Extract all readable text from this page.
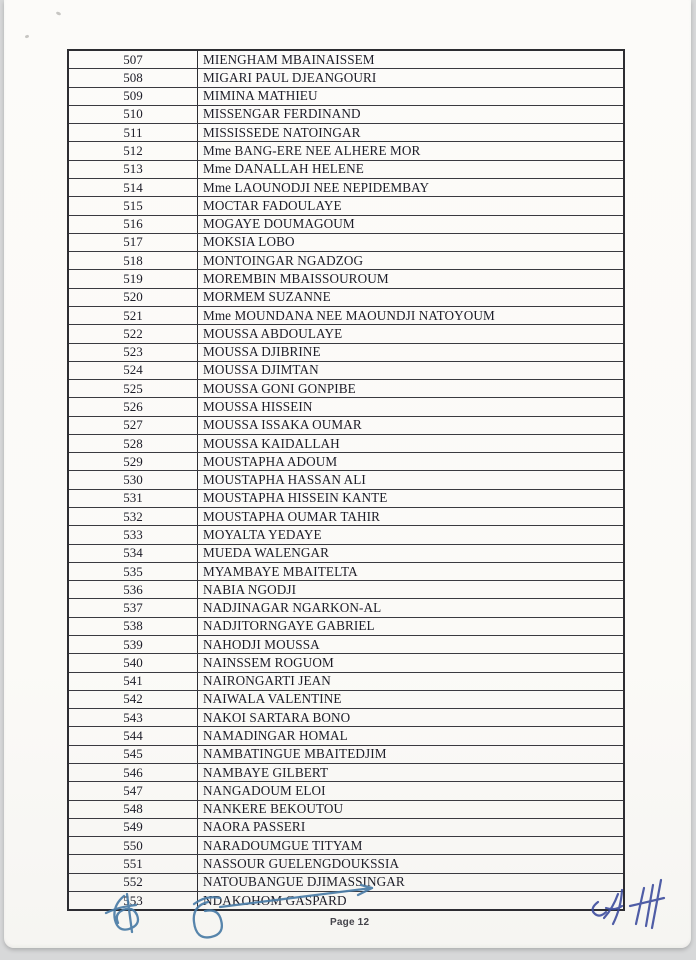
507	MIENGHAM MBAINAISSEM
508	MIGARI PAUL DJEANGOURI
509	MIMINA MATHIEU
510	MISSENGAR FERDINAND
511	MISSISSEDE NATOINGAR
512	Mme BANG-ERE NEE ALHERE MOR
513	Mme DANALLAH HELENE
514	Mme LAOUNODJI NEE NEPIDEMBAY
515	MOCTAR FADOULAYE
516	MOGAYE DOUMAGOUM
517	MOKSIA LOBO
518	MONTOINGAR NGADZOG
519	MOREMBIN MBAISSOUROUM
520	MORMEM SUZANNE
521	Mme MOUNDANA NEE MAOUNDJI NATOYOUM
522	MOUSSA ABDOULAYE
523	MOUSSA DJIBRINE
524	MOUSSA DJIMTAN
525	MOUSSA GONI GONPIBE
526	MOUSSA HISSEIN
527	MOUSSA ISSAKA OUMAR
528	MOUSSA KAIDALLAH
529	MOUSTAPHA ADOUM
530	MOUSTAPHA HASSAN ALI
531	MOUSTAPHA HISSEIN KANTE
532	MOUSTAPHA OUMAR TAHIR
533	MOYALTA YEDAYE
534	MUEDA WALENGAR
535	MYAMBAYE MBAITELTA
536	NABIA NGODJI
537	NADJINAGAR NGARKON-AL
538	NADJITORNGAYE GABRIEL
539	NAHODJI MOUSSA
540	NAINSSEM ROGUOM
541	NAIRONGARTI JEAN
542	NAIWALA VALENTINE
543	NAKOI SARTARA BONO
544	NAMADINGAR HOMAL
545	NAMBATINGUE MBAITEDJIM
546	NAMBAYE GILBERT
547	NANGADOUM ELOI
548	NANKERE BEKOUTOU
549	NAORA PASSERI
550	NARADOUMGUE TITYAM
551	NASSOUR GUELENGDOUKSSIA
552	NATOUBANGUE DJIMASSINGAR
553	NDAKOHOM GASPARD
Page 12
